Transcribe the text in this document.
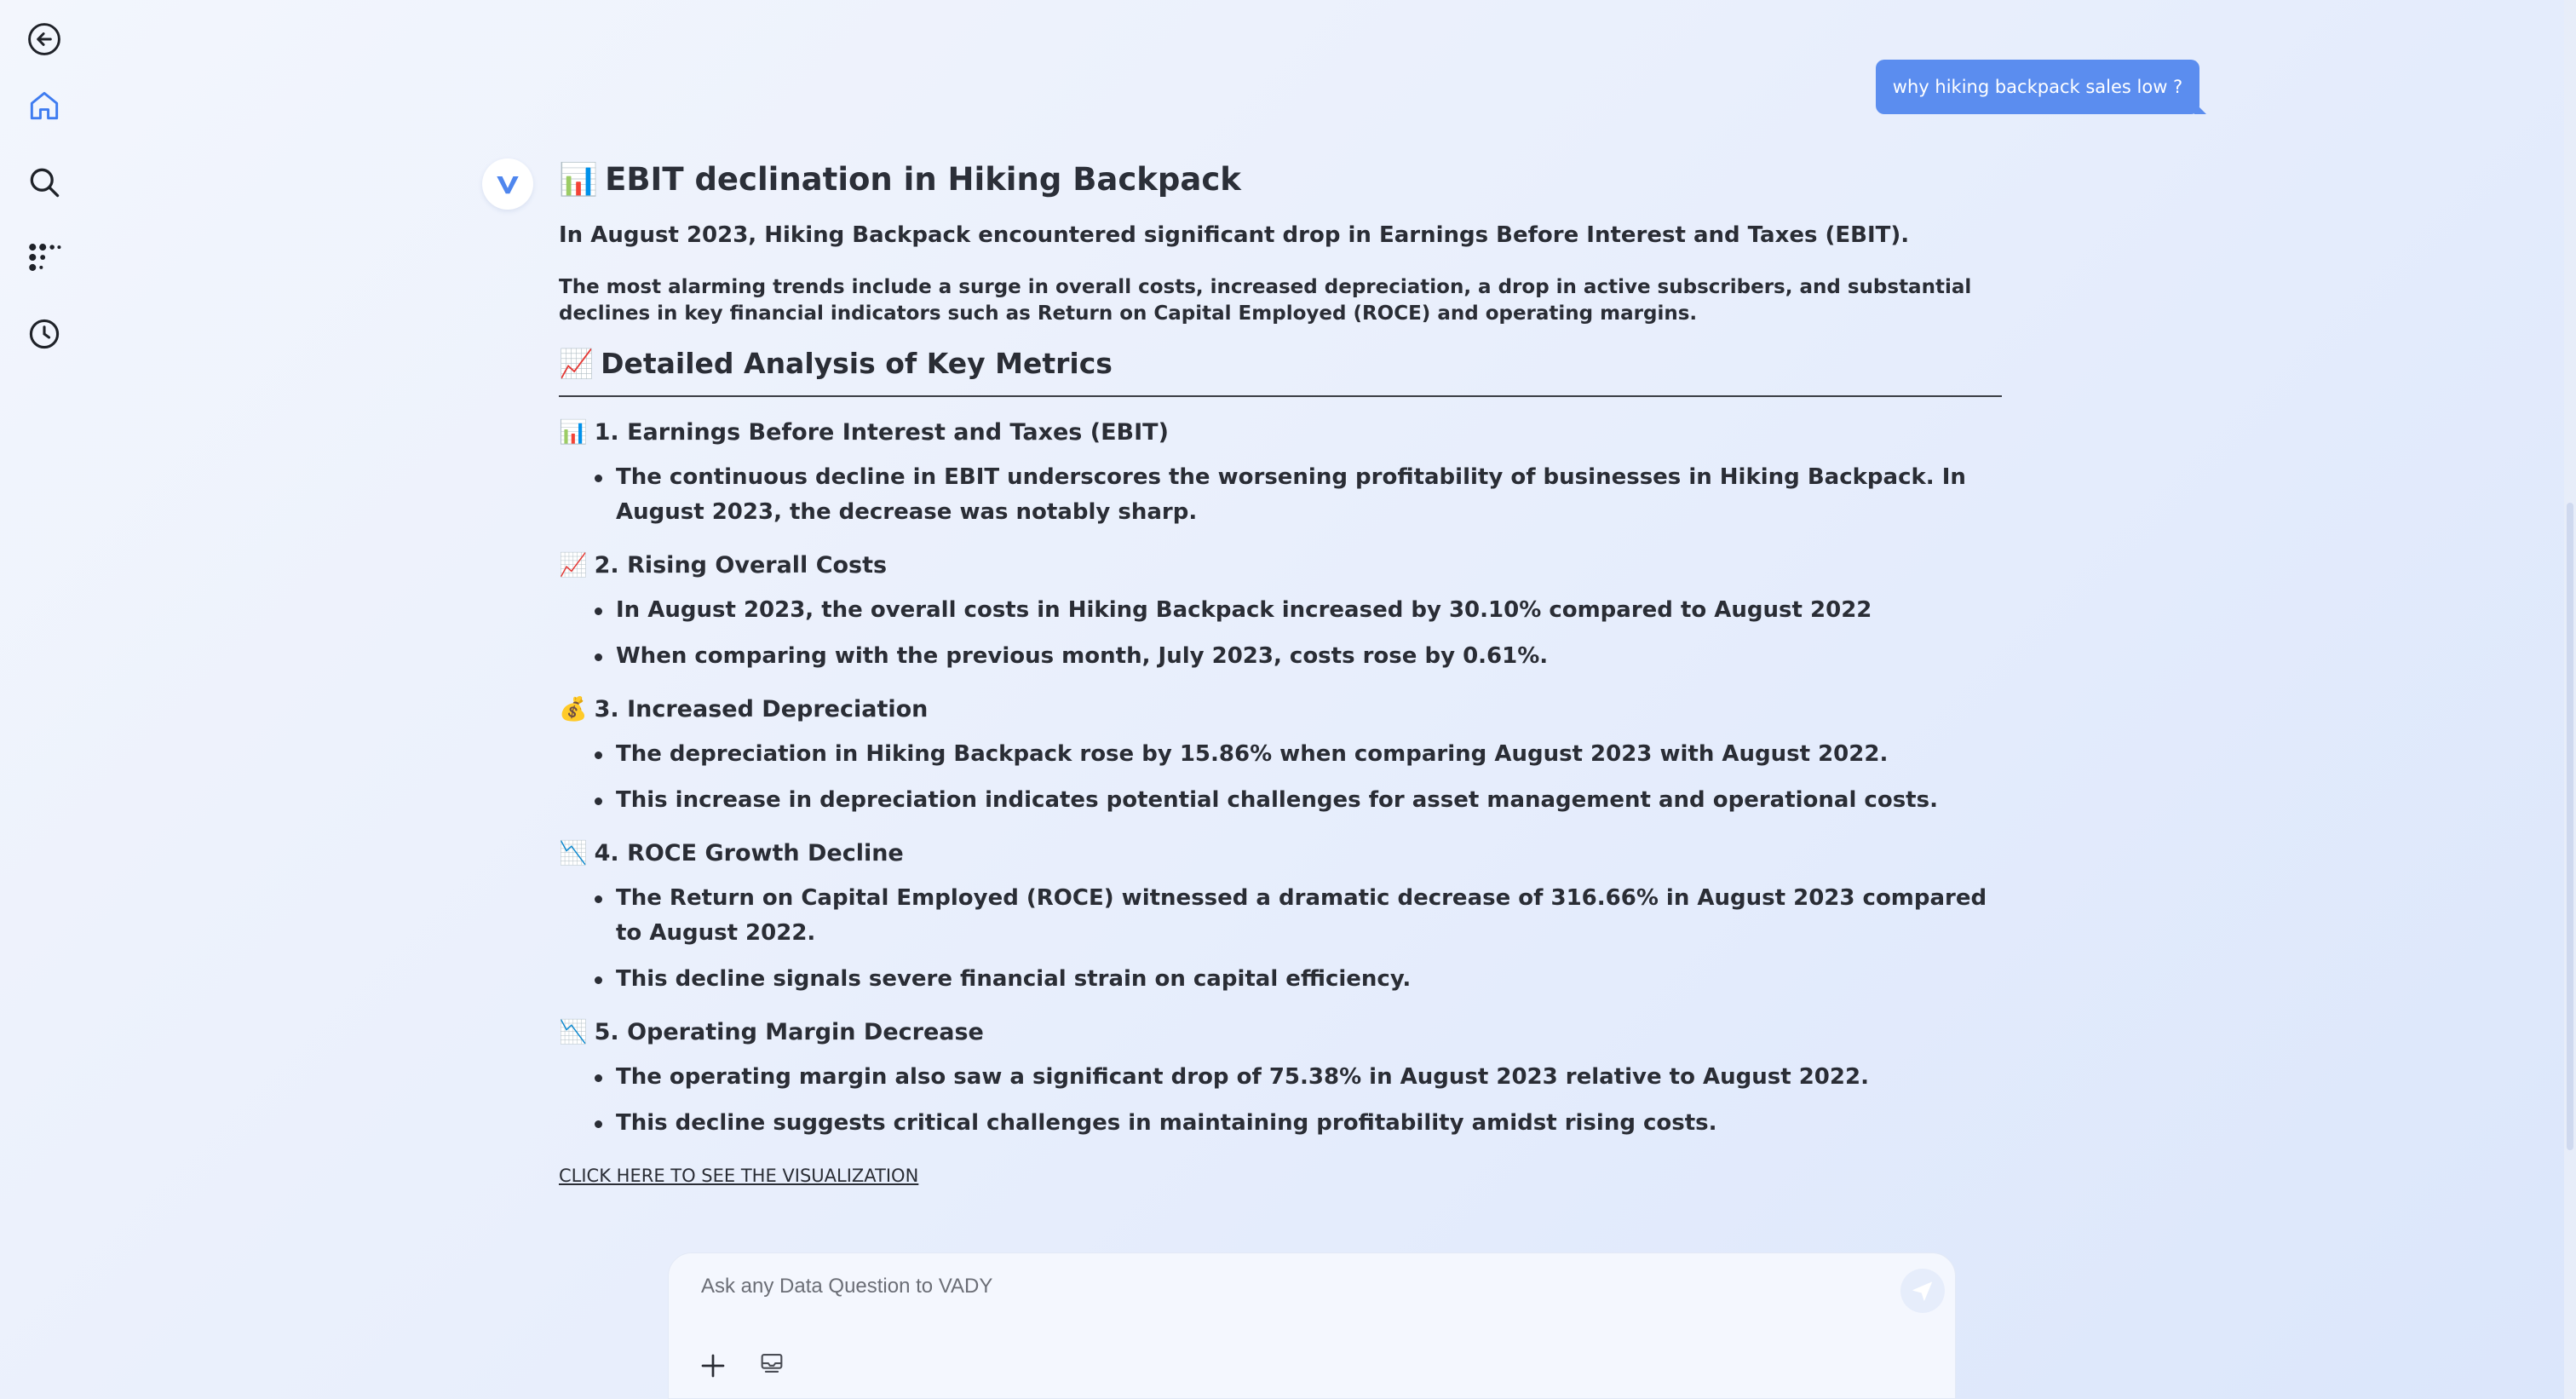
why hiking backpack sales low ?
📊 EBIT declination in Hiking Backpack
In August 2023, Hiking Backpack encountered significant drop in Earnings Before Interest and Taxes (EBIT).
The most alarming trends include a surge in overall costs, increased depreciation, a drop in active subscribers, and substantial declines in key financial indicators such as Return on Capital Employed (ROCE) and operating margins.
📈 Detailed Analysis of Key Metrics
📊 1. Earnings Before Interest and Taxes (EBIT)
The continuous decline in EBIT underscores the worsening profitability of businesses in Hiking Backpack. In August 2023, the decrease was notably sharp.
📈 2. Rising Overall Costs
In August 2023, the overall costs in Hiking Backpack increased by 30.10% compared to August 2022
When comparing with the previous month, July 2023, costs rose by 0.61%.
💰 3. Increased Depreciation
The depreciation in Hiking Backpack rose by 15.86% when comparing August 2023 with August 2022.
This increase in depreciation indicates potential challenges for asset management and operational costs.
📉 4. ROCE Growth Decline
The Return on Capital Employed (ROCE) witnessed a dramatic decrease of 316.66% in August 2023 compared to August 2022.
This decline signals severe financial strain on capital efficiency.
📉 5. Operating Margin Decrease
The operating margin also saw a significant drop of 75.38% in August 2023 relative to August 2022.
This decline suggests critical challenges in maintaining profitability amidst rising costs.
CLICK HERE TO SEE THE VISUALIZATION
Ask any Data Question to VADY
